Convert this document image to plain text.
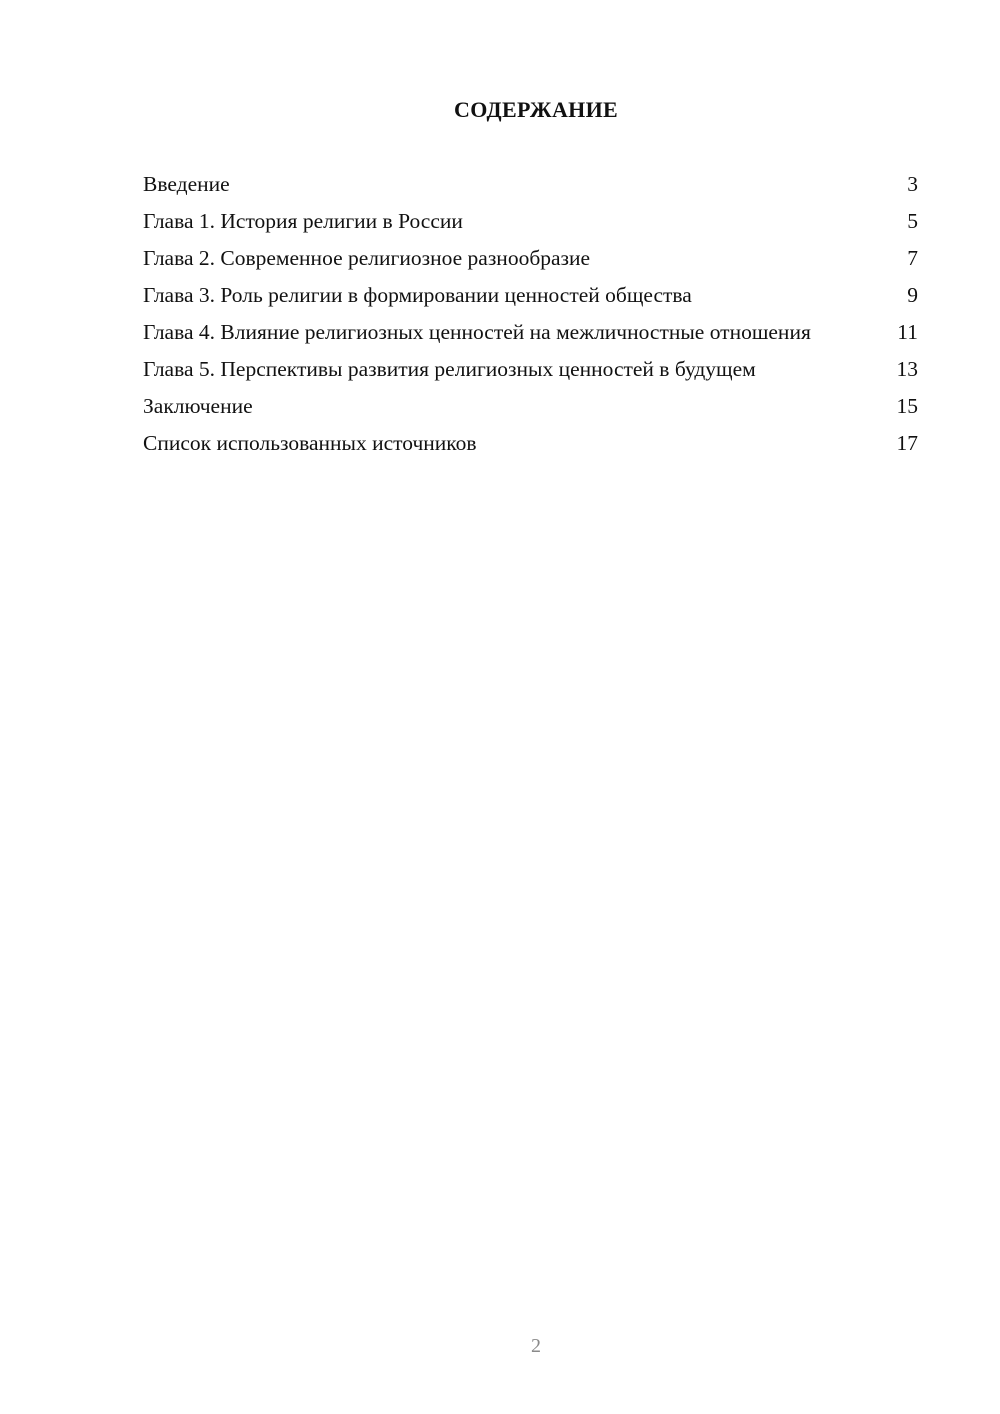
СОДЕРЖАНИЕ
Введение	3
Глава 1. История религии в России	5
Глава 2. Современное религиозное разнообразие	7
Глава 3. Роль религии в формировании ценностей общества	9
Глава 4. Влияние религиозных ценностей на межличностные отношения	11
Глава 5. Перспективы развития религиозных ценностей в будущем	13
Заключение	15
Список использованных источников	17
2
